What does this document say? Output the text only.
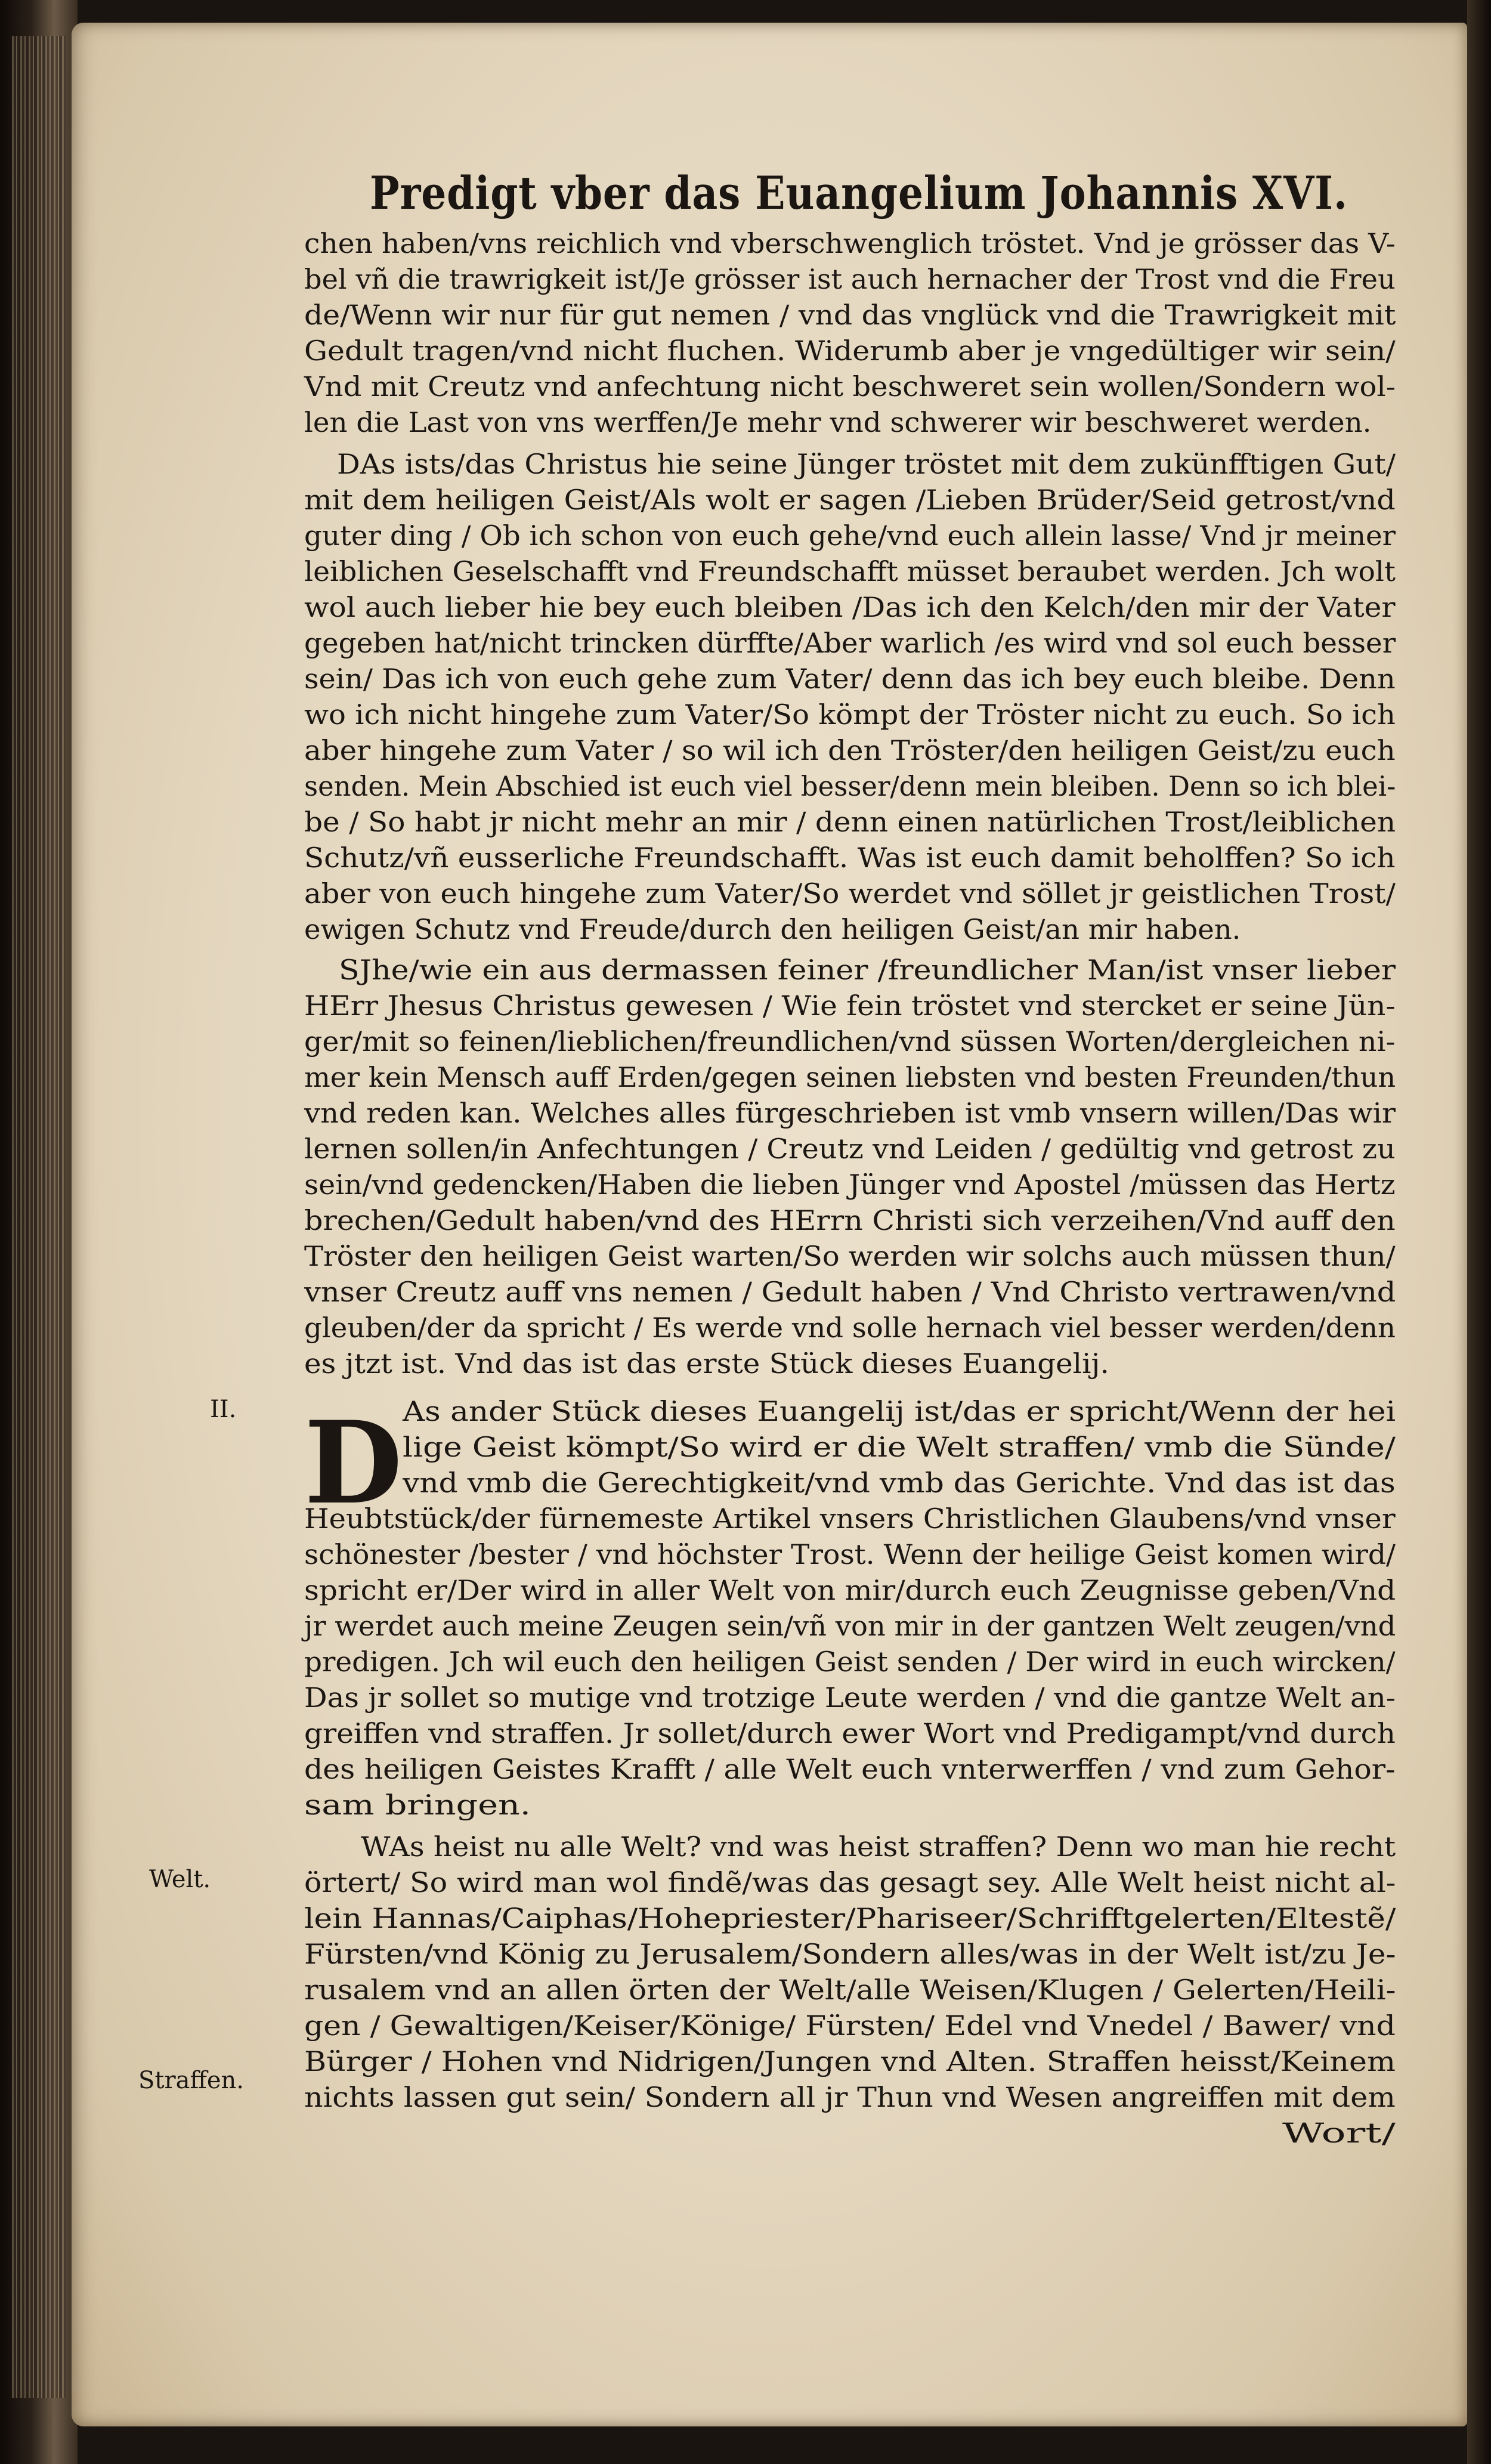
Predigt vber das Euangelium Johannis XVI.
D
II.
Welt.
Straffen.
chen haben/vns reichlich vnd vberschwenglich tröstet. Vnd je grösser das V-
bel vñ die trawrigkeit ist/Je grösser ist auch hernacher der Trost vnd die Freu
de/Wenn wir nur für gut nemen / vnd das vnglück vnd die Trawrigkeit mit
Gedult tragen/vnd nicht fluchen. Widerumb aber je vngedültiger wir sein/
Vnd mit Creutz vnd anfechtung nicht beschweret sein wollen/Sondern wol-
len die Last von vns werffen/Je mehr vnd schwerer wir beschweret werden.
DAs ists/das Christus hie seine Jünger tröstet mit dem zukünfftigen Gut/
mit dem heiligen Geist/Als wolt er sagen /Lieben Brüder/Seid getrost/vnd
guter ding / Ob ich schon von euch gehe/vnd euch allein lasse/ Vnd jr meiner
leiblichen Geselschafft vnd Freundschafft müsset beraubet werden. Jch wolt
wol auch lieber hie bey euch bleiben /Das ich den Kelch/den mir der Vater
gegeben hat/nicht trincken dürffte/Aber warlich /es wird vnd sol euch besser
sein/ Das ich von euch gehe zum Vater/ denn das ich bey euch bleibe. Denn
wo ich nicht hingehe zum Vater/So kömpt der Tröster nicht zu euch. So ich
aber hingehe zum Vater / so wil ich den Tröster/den heiligen Geist/zu euch
senden. Mein Abschied ist euch viel besser/denn mein bleiben. Denn so ich blei-
be / So habt jr nicht mehr an mir / denn einen natürlichen Trost/leiblichen
Schutz/vñ eusserliche Freundschafft. Was ist euch damit beholffen? So ich
aber von euch hingehe zum Vater/So werdet vnd söllet jr geistlichen Trost/
ewigen Schutz vnd Freude/durch den heiligen Geist/an mir haben.
SJhe/wie ein aus dermassen feiner /freundlicher Man/ist vnser lieber
HErr Jhesus Christus gewesen / Wie fein tröstet vnd stercket er seine Jün-
ger/mit so feinen/lieblichen/freundlichen/vnd süssen Worten/dergleichen ni-
mer kein Mensch auff Erden/gegen seinen liebsten vnd besten Freunden/thun
vnd reden kan. Welches alles fürgeschrieben ist vmb vnsern willen/Das wir
lernen sollen/in Anfechtungen / Creutz vnd Leiden / gedültig vnd getrost zu
sein/vnd gedencken/Haben die lieben Jünger vnd Apostel /müssen das Hertz
brechen/Gedult haben/vnd des HErrn Christi sich verzeihen/Vnd auff den
Tröster den heiligen Geist warten/So werden wir solchs auch müssen thun/
vnser Creutz auff vns nemen / Gedult haben / Vnd Christo vertrawen/vnd
gleuben/der da spricht / Es werde vnd solle hernach viel besser werden/denn
es jtzt ist. Vnd das ist das erste Stück dieses Euangelij.
As ander Stück dieses Euangelij ist/das er spricht/Wenn der hei
lige Geist kömpt/So wird er die Welt straffen/ vmb die Sünde/
vnd vmb die Gerechtigkeit/vnd vmb das Gerichte. Vnd das ist das
Heubtstück/der fürnemeste Artikel vnsers Christlichen Glaubens/vnd vnser
schönester /bester / vnd höchster Trost. Wenn der heilige Geist komen wird/
spricht er/Der wird in aller Welt von mir/durch euch Zeugnisse geben/Vnd
jr werdet auch meine Zeugen sein/vñ von mir in der gantzen Welt zeugen/vnd
predigen. Jch wil euch den heiligen Geist senden / Der wird in euch wircken/
Das jr sollet so mutige vnd trotzige Leute werden / vnd die gantze Welt an-
greiffen vnd straffen. Jr sollet/durch ewer Wort vnd Predigampt/vnd durch
des heiligen Geistes Krafft / alle Welt euch vnterwerffen / vnd zum Gehor-
sam bringen.
WAs heist nu alle Welt? vnd was heist straffen? Denn wo man hie recht
örtert/ So wird man wol findẽ/was das gesagt sey. Alle Welt heist nicht al-
lein Hannas/Caiphas/Hohepriester/Phariseer/Schrifftgelerten/Eltestẽ/
Fürsten/vnd König zu Jerusalem/Sondern alles/was in der Welt ist/zu Je-
rusalem vnd an allen örten der Welt/alle Weisen/Klugen / Gelerten/Heili-
gen / Gewaltigen/Keiser/Könige/ Fürsten/ Edel vnd Vnedel / Bawer/ vnd
Bürger / Hohen vnd Nidrigen/Jungen vnd Alten. Straffen heisst/Keinem
nichts lassen gut sein/ Sondern all jr Thun vnd Wesen angreiffen mit dem
Wort/
